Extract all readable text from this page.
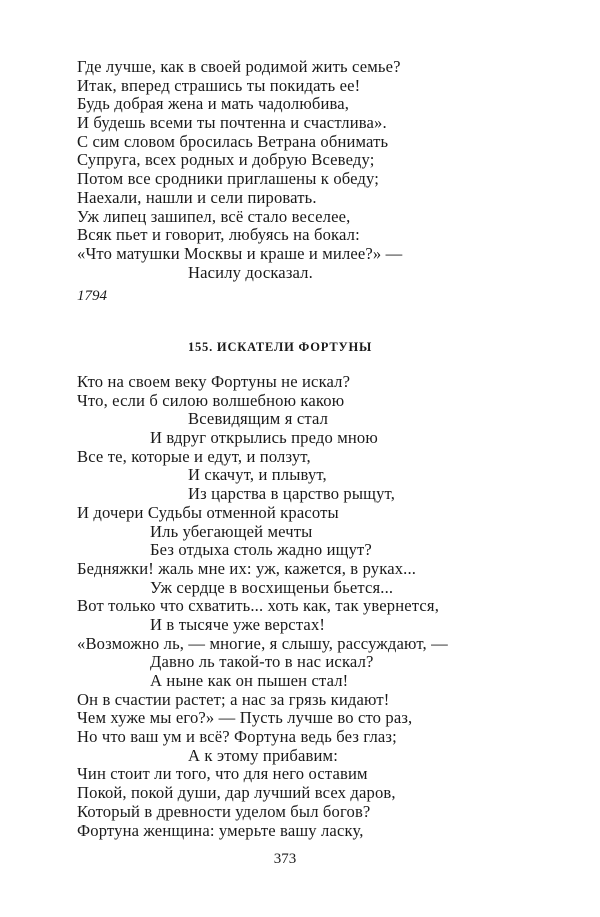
Где лучше, как в своей родимой жить семье?
Итак, вперед страшись ты покидать ее!
Будь добрая жена и мать чадолюбива,
И будешь всеми ты почтенна и счастлива».
С сим словом бросилась Ветрана обнимать
Супруга, всех родных и добрую Всеведу;
Потом все сродники приглашены к обеду;
Наехали, нашли и сели пировать.
Уж липец зашипел, всё стало веселее,
Всяк пьет и говорит, любуясь на бокал:
«Что матушки Москвы и краше и милее?» —
Насилу досказал.
1794
155. ИСКАТЕЛИ ФОРТУНЫ
Кто на своем веку Фортуны не искал?
Что, если б силою волшебною какою
Всевидящим я стал
И вдруг открылись предо мною
Все те, которые и едут, и ползут,
И скачут, и плывут,
Из царства в царство рыщут,
И дочери Судьбы отменной красоты
Иль убегающей мечты
Без отдыха столь жадно ищут?
Бедняжки! жаль мне их: уж, кажется, в руках...
Уж сердце в восхищеньи бьется...
Вот только что схватить... хоть как, так увернется,
И в тысяче уже верстах!
«Возможно ль, — многие, я слышу, рассуждают, —
Давно ль такой-то в нас искал?
А ныне как он пышен стал!
Он в счастии растет; а нас за грязь кидают!
Чем хуже мы его?» — Пусть лучше во сто раз,
Но что ваш ум и всё? Фортуна ведь без глаз;
А к этому прибавим:
Чин стоит ли того, что для него оставим
Покой, покой души, дар лучший всех даров,
Который в древности уделом был богов?
Фортуна женщина: умерьте вашу ласку,
373
